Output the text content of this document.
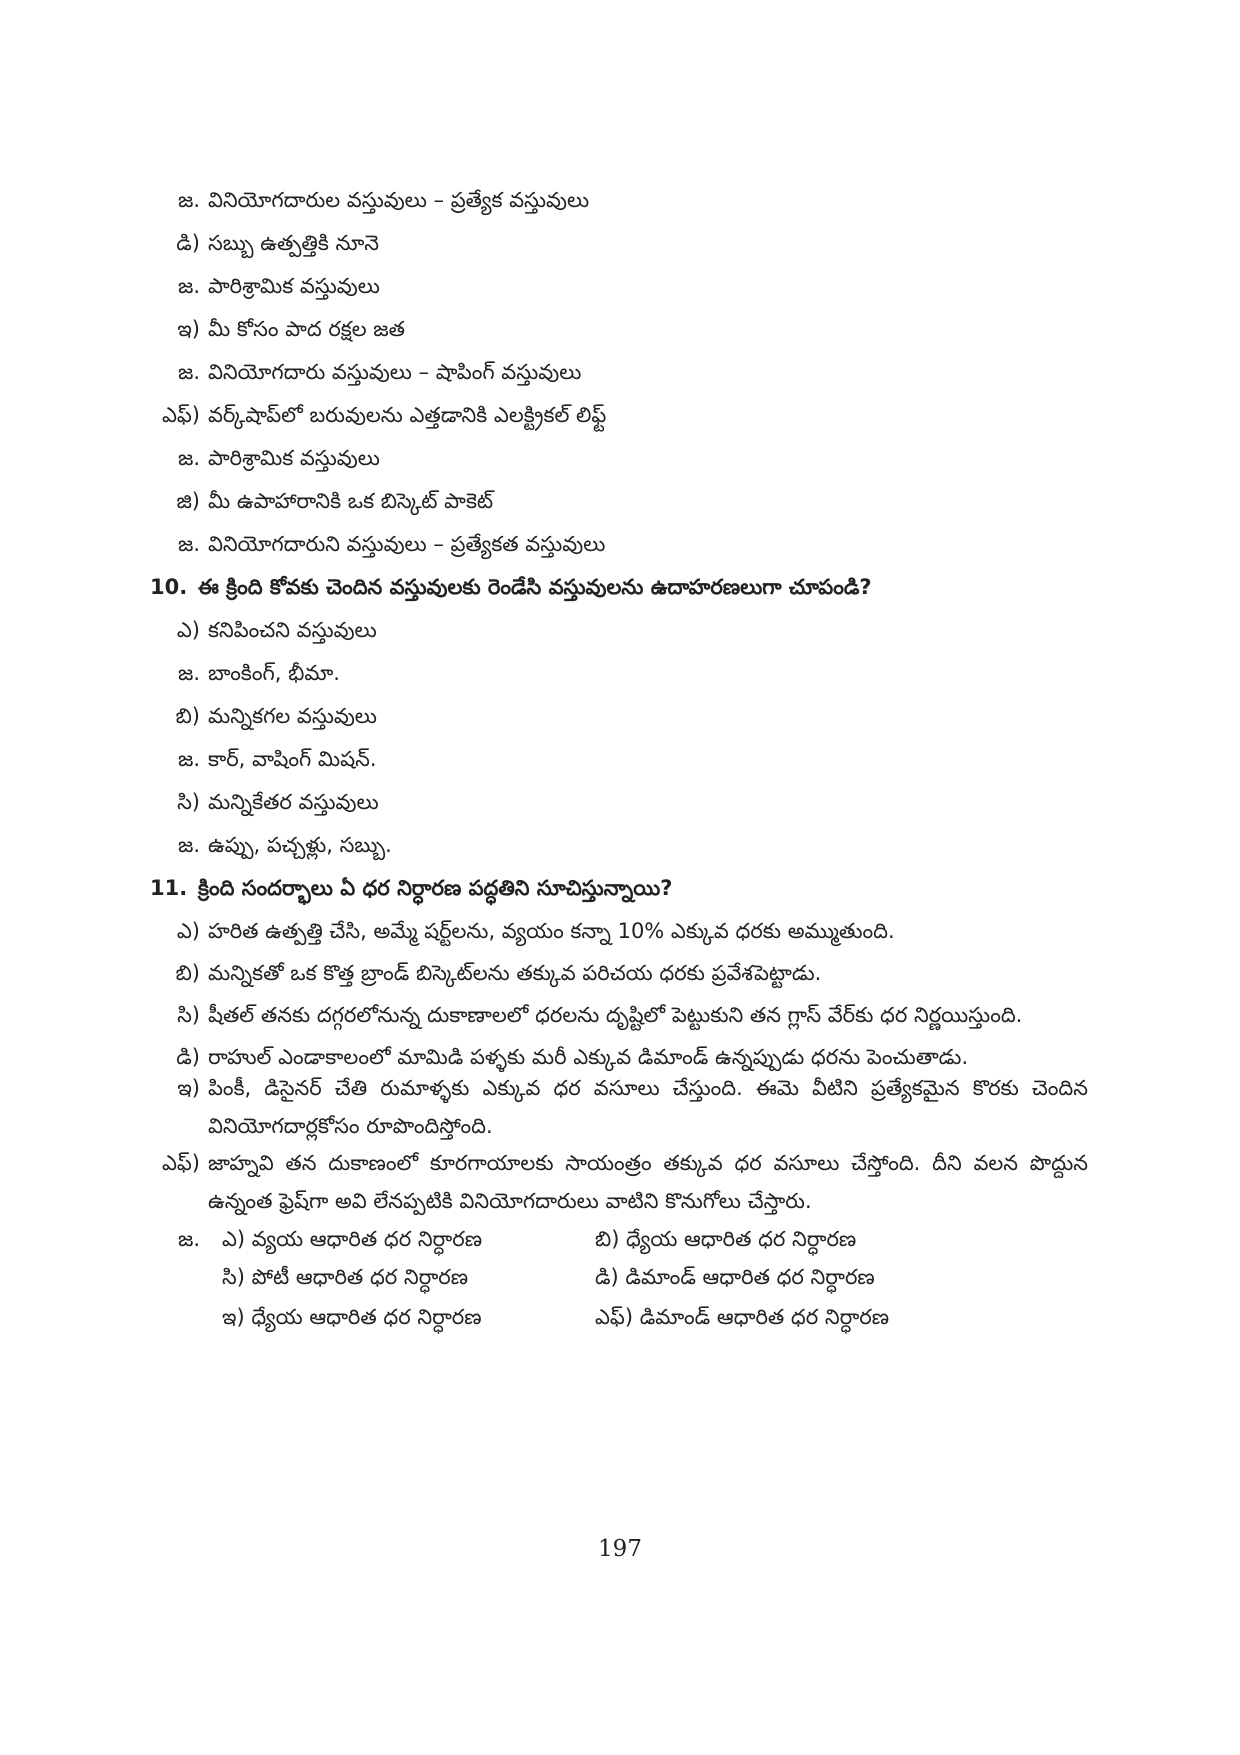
జ. వినియోగదారుల వస్తువులు – ప్రత్యేక వస్తువులు
డి) సబ్బు ఉత్పత్తికి నూనె
జ. పారిశ్రామిక వస్తువులు
ఇ) మీ కోసం పాద రక్షల జత
జ. వినియోగదారు వస్తువులు – షాపింగ్ వస్తువులు
ఎఫ్) వర్క్‌షాప్‌లో బరువులను ఎత్తడానికి ఎలక్ట్రికల్ లిఫ్ట్
జ. పారిశ్రామిక వస్తువులు
జి) మీ ఉపాహారానికి ఒక బిస్కెట్ పాకెట్
జ. వినియోగదారుని వస్తువులు – ప్రత్యేకత వస్తువులు
10. ఈ క్రింది కోవకు చెందిన వస్తువులకు రెండేసి వస్తువులను ఉదాహరణలుగా చూపండి?
ఎ) కనిపించని వస్తువులు
జ. బాంకింగ్, భీమా.
బి) మన్నికగల వస్తువులు
జ. కార్, వాషింగ్ మిషన్.
సి) మన్నికేతర వస్తువులు
జ. ఉప్పు, పచ్చళ్లు, సబ్బు.
11. క్రింది సందర్భాలు ఏ ధర నిర్ధారణ పద్ధతిని సూచిస్తున్నాయి?
ఎ) హరిత ఉత్పత్తి చేసి, అమ్మే షర్ట్‌లను, వ్యయం కన్నా 10% ఎక్కువ ధరకు అమ్ముతుంది.
బి) మన్నికతో ఒక కొత్త బ్రాండ్ బిస్కెట్‌లను తక్కువ పరిచయ ధరకు ప్రవేశపెట్టాడు.
సి) షీతల్ తనకు దగ్గరలోనున్న దుకాణాలలో ధరలను దృష్టిలో పెట్టుకుని తన గ్లాస్ వేర్‌కు ధర నిర్ణయిస్తుంది.
డి) రాహుల్ ఎండాకాలంలో మామిడి పళ్ళకు మరీ ఎక్కువ డిమాండ్ ఉన్నప్పుడు ధరను పెంచుతాడు.
ఇ) పింకీ, డిసైనర్ చేతి రుమాళ్ళకు ఎక్కువ ధర వసూలు చేస్తుంది. ఈమె వీటిని ప్రత్యేకమైన కొరకు చెందిన వినియోగదార్లకోసం రూపొందిస్తోంది.
ఎఫ్) జాహ్నవి తన దుకాణంలో కూరగాయాలకు సాయంత్రం తక్కువ ధర వసూలు చేస్తోంది. దీని వలన పొద్దున ఉన్నంత ఫ్రెష్‌గా అవి లేనప్పటికి వినియోగదారులు వాటిని కొనుగోలు చేస్తారు.
జ. ఎ) వ్యయ ఆధారిత ధర నిర్ధారణ	బి) ధ్యేయ ఆధారిత ధర నిర్ధారణ
సి) పోటీ ఆధారిత ధర నిర్ధారణ	డి) డిమాండ్ ఆధారిత ధర నిర్ధారణ
ఇ) ధ్యేయ ఆధారిత ధర నిర్ధారణ	ఎఫ్) డిమాండ్ ఆధారిత ధర నిర్ధారణ
197
